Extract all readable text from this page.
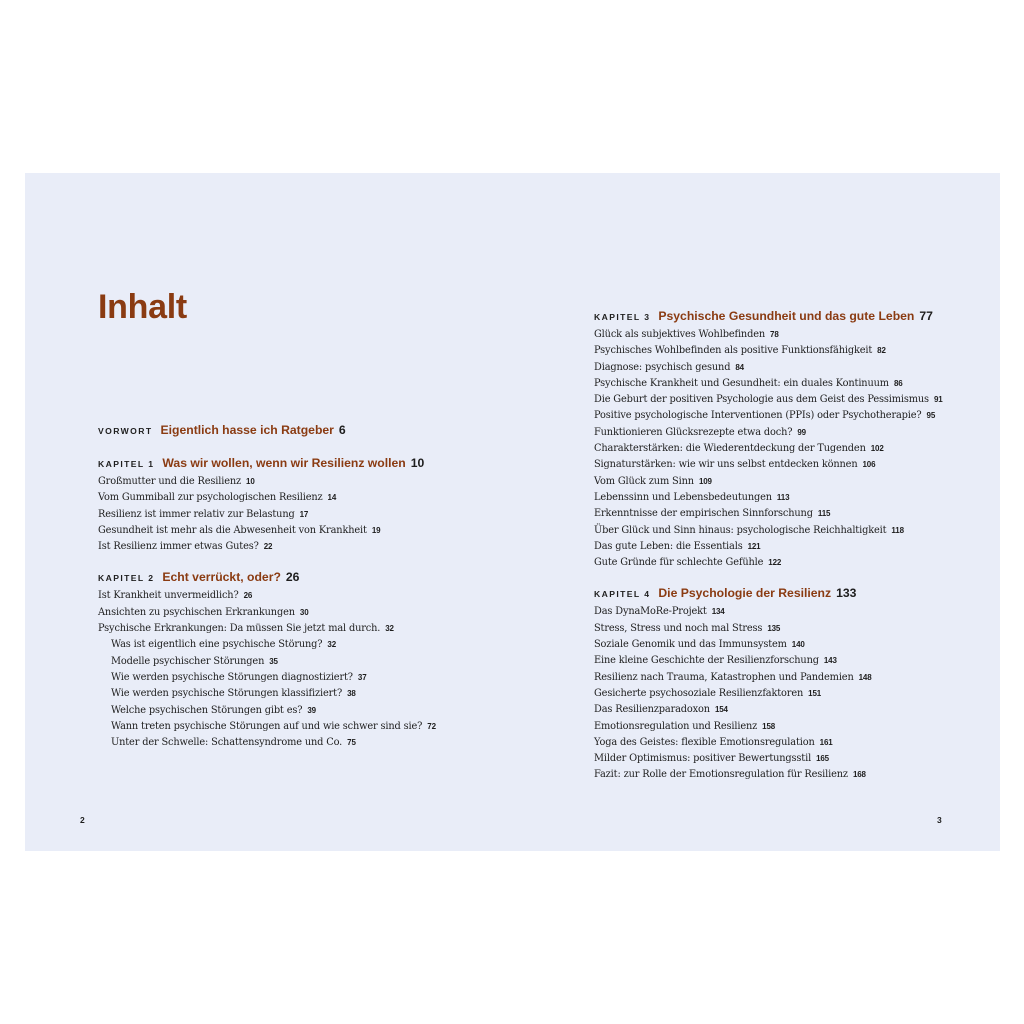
Inhalt
VORWORT Eigentlich hasse ich Ratgeber 6
KAPITEL 1 Was wir wollen, wenn wir Resilienz wollen 10
Großmutter und die Resilienz 10
Vom Gummiball zur psychologischen Resilienz 14
Resilienz ist immer relativ zur Belastung 17
Gesundheit ist mehr als die Abwesenheit von Krankheit 19
Ist Resilienz immer etwas Gutes? 22
KAPITEL 2 Echt verrückt, oder? 26
Ist Krankheit unvermeidlich? 26
Ansichten zu psychischen Erkrankungen 30
Psychische Erkrankungen: Da müssen Sie jetzt mal durch. 32
Was ist eigentlich eine psychische Störung? 32
Modelle psychischer Störungen 35
Wie werden psychische Störungen diagnostiziert? 37
Wie werden psychische Störungen klassifiziert? 38
Welche psychischen Störungen gibt es? 39
Wann treten psychische Störungen auf und wie schwer sind sie? 72
Unter der Schwelle: Schattensyndrome und Co. 75
KAPITEL 3 Psychische Gesundheit und das gute Leben 77
Glück als subjektives Wohlbefinden 78
Psychisches Wohlbefinden als positive Funktionsfähigkeit 82
Diagnose: psychisch gesund 84
Psychische Krankheit und Gesundheit: ein duales Kontinuum 86
Die Geburt der positiven Psychologie aus dem Geist des Pessimismus 91
Positive psychologische Interventionen (PPIs) oder Psychotherapie? 95
Funktionieren Glücksrezepte etwa doch? 99
Charakterstärken: die Wiederentdeckung der Tugenden 102
Signaturstärken: wie wir uns selbst entdecken können 106
Vom Glück zum Sinn 109
Lebenssinn und Lebensbedeutungen 113
Erkenntnisse der empirischen Sinnforschung 115
Über Glück und Sinn hinaus: psychologische Reichhaltigkeit 118
Das gute Leben: die Essentials 121
Gute Gründe für schlechte Gefühle 122
KAPITEL 4 Die Psychologie der Resilienz 133
Das DynaMoRe-Projekt 134
Stress, Stress und noch mal Stress 135
Soziale Genomik und das Immunsystem 140
Eine kleine Geschichte der Resilienzforschung 143
Resilienz nach Trauma, Katastrophen und Pandemien 148
Gesicherte psychosoziale Resilienzfaktoren 151
Das Resilienzparadoxon 154
Emotionsregulation und Resilienz 158
Yoga des Geistes: flexible Emotionsregulation 161
Milder Optimismus: positiver Bewertungsstil 165
Fazit: zur Rolle der Emotionsregulation für Resilienz 168
2	3
